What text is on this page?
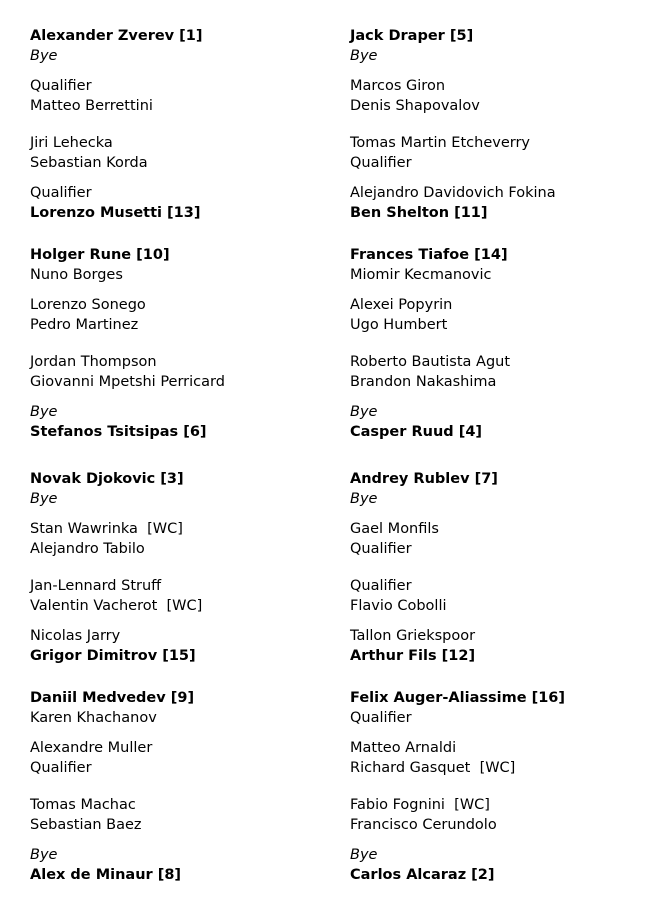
Alexander Zverev [1]
Bye
Qualifier
Matteo Berrettini
Jiri Lehecka
Sebastian Korda
Qualifier
Lorenzo Musetti [13]
Holger Rune [10]
Nuno Borges
Lorenzo Sonego
Pedro Martinez
Jordan Thompson
Giovanni Mpetshi Perricard
Bye
Stefanos Tsitsipas [6]
Novak Djokovic [3]
Bye
Stan Wawrinka  [WC]
Alejandro Tabilo
Jan-Lennard Struff
Valentin Vacherot  [WC]
Nicolas Jarry
Grigor Dimitrov [15]
Daniil Medvedev [9]
Karen Khachanov
Alexandre Muller
Qualifier
Tomas Machac
Sebastian Baez
Bye
Alex de Minaur [8]
Jack Draper [5]
Bye
Marcos Giron
Denis Shapovalov
Tomas Martin Etcheverry
Qualifier
Alejandro Davidovich Fokina
Ben Shelton [11]
Frances Tiafoe [14]
Miomir Kecmanovic
Alexei Popyrin
Ugo Humbert
Roberto Bautista Agut
Brandon Nakashima
Bye
Casper Ruud [4]
Andrey Rublev [7]
Bye
Gael Monfils
Qualifier
Qualifier
Flavio Cobolli
Tallon Griekspoor
Arthur Fils [12]
Felix Auger-Aliassime [16]
Qualifier
Matteo Arnaldi
Richard Gasquet  [WC]
Fabio Fognini  [WC]
Francisco Cerundolo
Bye
Carlos Alcaraz [2]
